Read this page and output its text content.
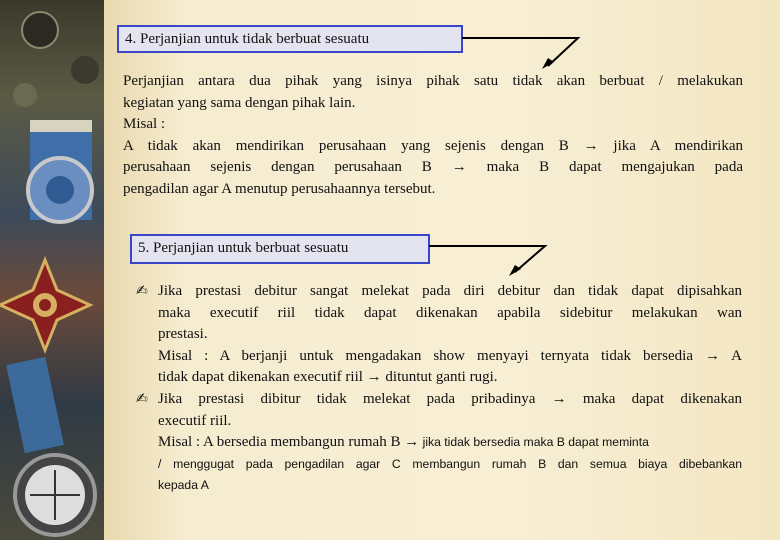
4. Perjanjian untuk tidak berbuat sesuatu

Perjanjian antara dua pihak yang isinya pihak satu tidak akan berbuat / melakukan

kegiatan yang sama dengan pihak lain.

Misal :

A tidak akan mendirikan perusahaan yang sejenis dengan B → jika A mendirikan

perusahaan sejenis dengan perusahaan B → maka B dapat mengajukan pada

pengadilan agar A menutup perusahaannya tersebut.

5. Perjanjian untuk berbuat sesuatu
✍ Jika prestasi debitur sangat melekat pada diri debitur dan tidak dapat dipisahkan
maka executif riil tidak dapat dikenakan apabila sidebitur melakukan wan
prestasi.
Misal : A berjanji untuk mengadakan show menyayi ternyata tidak bersedia → A
tidak dapat dikenakan executif riil → dituntut ganti rugi.
✍ Jika prestasi dibitur tidak melekat pada pribadinya → maka dapat dikenakan
executif riil.
Misal : A bersedia membangun rumah B → jika tidak bersedia maka B dapat meminta
/ menggugat pada pengadilan agar C membangun rumah B dan semua biaya dibebankan
kepada A
